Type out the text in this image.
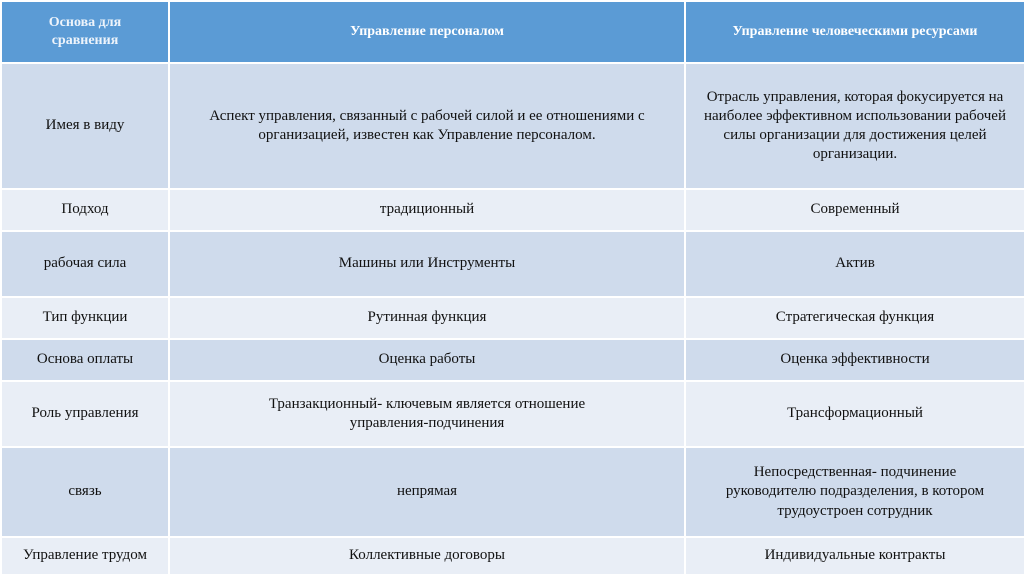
Основа для сравнения	Управление персоналом	Управление человеческими ресурсами
Имея в виду	Аспект управления, связанный с рабочей силой и ее отношениями с организацией, известен как Управление персоналом.	Отрасль управления, которая фокусируется на наиболее эффективном использовании рабочей силы организации для достижения целей организации.
Подход	традиционный	Современный
рабочая сила	Машины или Инструменты	Актив
Тип функции	Рутинная функция	Стратегическая функция
Основа оплаты	Оценка работы	Оценка эффективности
Роль управления	Транзакционный- ключевым является отношение управления-подчинения	Трансформационный
связь	непрямая	Непосредственная- подчинение руководителю подразделения, в котором трудоустроен сотрудник
Управление трудом	Коллективные договоры	Индивидуальные контракты
